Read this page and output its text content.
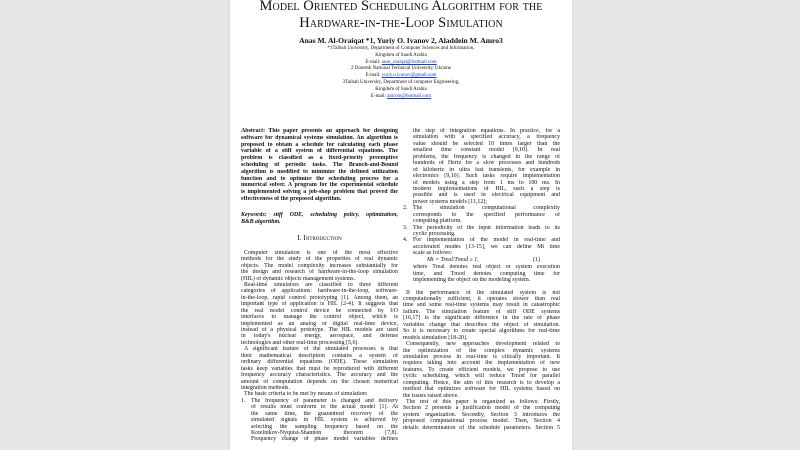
Model Oriented Scheduling Algorithm for the
Hardware-in-the-Loop Simulation
Anas M. Al-Oraiqat *1, Yuriy O. Ivanov 2, Aladdein M. Amro3
*1Taibah University, Department of Computer Sciences and Information,
Kingdom of Saudi Arabia
E-mail: anas_oraiqat@hotmail.com
2 Donetsk National Technical University, Ukraine
E-mail: yuriy.o.ivanov@gmail.com
3Taibah University, Department of computer Engineering,
Kingdom of Saudi Arabia
E-mail: amrom@hotmail.com
Abstract: This paper presents an approach for designing
software for dynamical systems simulation. An algorithm is
proposed to obtain a schedule for calculating each phase
variable of a stiff system of differential equations. The
problem is classified as a fixed-priority preemptive
scheduling of periodic tasks. The Branch-and-Bound
algorithm is modified to minimize the defined utilization
function and to optimize the scheduling process for a
numerical solver. A program for the experimental schedule
is implemented solving a job-shop problem that proved the
effectiveness of the proposed algorithm.
Keywords: stiff ODE, scheduling policy, optimization,
B&B algorithm.
I. Introduction
Computer simulation is one of the most effective
methods for the study of the properties of real dynamic
objects. The model complexity increases substantially for
the design and research of hardware-in-the-loop simulation
(HIL) of dynamic objects management systems.
Real-time simulators are classified to three different
categories of applications: hardware-in-the-loop, software-
in-the-loop, rapid control prototyping [1]. Among them, an
important type of application is HIL [2-4]. It suggests that
the real model control device be connected by I/O
interfaces to manage the control object, which is
implemented as an analog or digital real-time device,
instead of a physical prototype. The HIL models are used
in today's nuclear energy, aerospace, and defense
technologies and other real-time processing [5,6].
A significant feature of the simulated processes is that
their mathematical description contains a system of
ordinary differential equations (ODE). These simulation
tasks keep variables that must be reproduced with different
frequency accuracy characteristics. The accuracy and the
amount of computation depends on the chosen numerical
integration methods.
The basic criteria to be met by means of simulation:
1. The frequency of parameter is changed and delivery
of results must conform to the actual model [1]. At
the same time, the guaranteed recovery of the
simulated signals in HIL system is achieved by
selecting the sampling frequency based on the
Kotelnikov-Nyquist-Shannon theorem [7,8].
Frequency change of phase model variables defines
the step of integration equations. In practice, for a
simulation with a specified accuracy, a frequency
value should be selected 10 times larger than the
smallest time constant model [9,10]. In real
problems, the frequency is changed in the range of
hundreds of Hertz for a slow processes and hundreds
of kilohertz in ultra fast transients, for example in
electronics [9,10]. Such tasks require implementation
of models using a step from 1 ms to 100 ms. In
modern implementations of HIL, such a step is
possible and is used in electrical equipment and
power systems models [11,12];
2. The simulation computational complexity
corresponds to the specified performance of
computing platform.
3. The periodicity of the input information leads to its
cyclic processing.
4. For implementation of the model in real-time and
accelerated modes [13-15], we can define Mt time
scale as follows:
Mt = Treal/Tmod ≥ 1,	(1)
where Treal denotes real object or system execution
time, and Tmod denotes computing time for
implementing the object on the modeling system.
If the performance of the simulated system is not
computationally sufficient, it operates slower than real
time and some real-time systems may result in catastrophic
failure. The simulation feature of stiff ODE systems
[16,17] is the significant difference in the rate of phase
variables change that describes the object of simulation.
So it is necessary to create special algorithms for real-time
models simulation [18-20].
Consequently, new approaches development related to
the optimization of the complex dynamic systems
simulation process in real-time is citically important. It
requires taking into account the implementation of new
features. To create efficient models, we propose to use
cyclic scheduling, which will reduce Tmod for parallel
computing. Hence, the aim of this research is to develop a
method that optimizes software for HIL systems based on
the issues raised above.
The rest of this paper is organized as follows: Firstly,
Section 2 presents a justification model of the computing
system organization. Secondly, Section 3 introduces the
proposed computational process model. Then, Section 4
details determination of the schedule parameters. Section 5
